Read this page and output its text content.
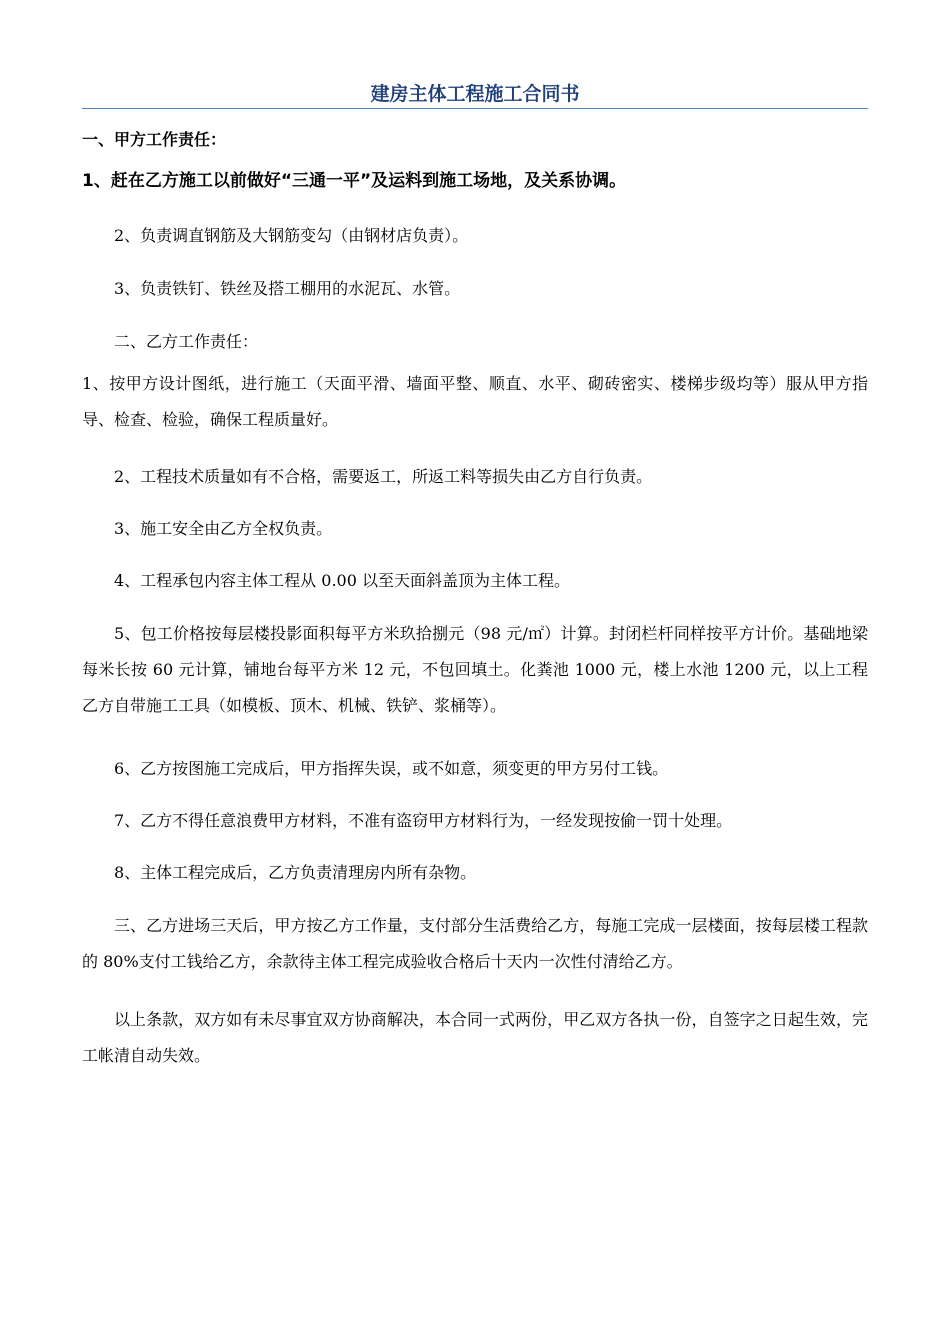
建房主体工程施工合同书

一、甲方工作责任：

1、赶在乙方施工以前做好“三通一平”及运料到施工场地，及关系协调。

2、负责调直钢筋及大钢筋变勾（由钢材店负责）。

3、负责铁钉、铁丝及搭工棚用的水泥瓦、水管。

二、乙方工作责任：

1、按甲方设计图纸，进行施工（天面平滑、墙面平整、顺直、水平、砌砖密实、楼梯步级均等）服从甲方指导、检查、检验，确保工程质量好。

2、工程技术质量如有不合格，需要返工，所返工料等损失由乙方自行负责。

3、施工安全由乙方全权负责。

4、工程承包内容主体工程从 0.00 以至天面斜盖顶为主体工程。

5、包工价格按每层楼投影面积每平方米玖拾捌元（98 元/㎡）计算。封闭栏杆同样按平方计价。基础地梁每米长按 60 元计算，铺地台每平方米 12 元，不包回填土。化粪池 1000 元，楼上水池 1200 元，以上工程乙方自带施工工具（如模板、顶木、机械、铁铲、浆桶等）。

6、乙方按图施工完成后，甲方指挥失误，或不如意，须变更的甲方另付工钱。

7、乙方不得任意浪费甲方材料，不准有盗窃甲方材料行为，一经发现按偷一罚十处理。

8、主体工程完成后，乙方负责清理房内所有杂物。

三、乙方进场三天后，甲方按乙方工作量，支付部分生活费给乙方，每施工完成一层楼面，按每层楼工程款的 80%支付工钱给乙方，余款待主体工程完成验收合格后十天内一次性付清给乙方。

以上条款，双方如有未尽事宜双方协商解决，本合同一式两份，甲乙双方各执一份，自签字之日起生效，完工帐清自动失效。
